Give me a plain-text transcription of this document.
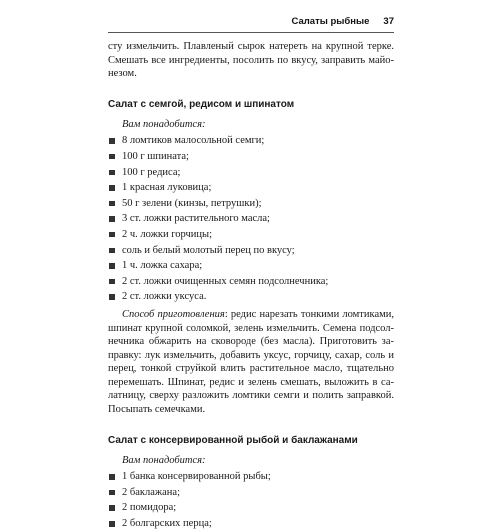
Салаты рыбные 37
сту измельчить. Плавленый сырок натереть на крупной терке.
Смешать все ингредиенты, посолить по вкусу, заправить майо-
незом.
Салат с семгой, редисом и шпинатом
Вам понадобится:
8 ломтиков малосольной семги;
100 г шпината;
100 г редиса;
1 красная луковица;
50 г зелени (кинзы, петрушки);
3 ст. ложки растительного масла;
2 ч. ложки горчицы;
соль и белый молотый перец по вкусу;
1 ч. ложка сахара;
2 ст. ложки очищенных семян подсолнечника;
2 ст. ложки уксуса.
Способ приготовления: редис нарезать тонкими ломтиками,
шпинат крупной соломкой, зелень измельчить. Семена подсол-
нечника обжарить на сковороде (без масла). Приготовить за-
правку: лук измельчить, добавить уксус, горчицу, сахар, соль и
перец, тонкой струйкой влить растительное масло, тщательно
перемешать. Шпинат, редис и зелень смешать, выложить в са-
латницу, сверху разложить ломтики семги и полить заправкой.
Посыпать семечками.
Салат с консервированной рыбой и баклажанами
Вам понадобится:
1 банка консервированной рыбы;
2 баклажана;
2 помидора;
2 болгарских перца;
